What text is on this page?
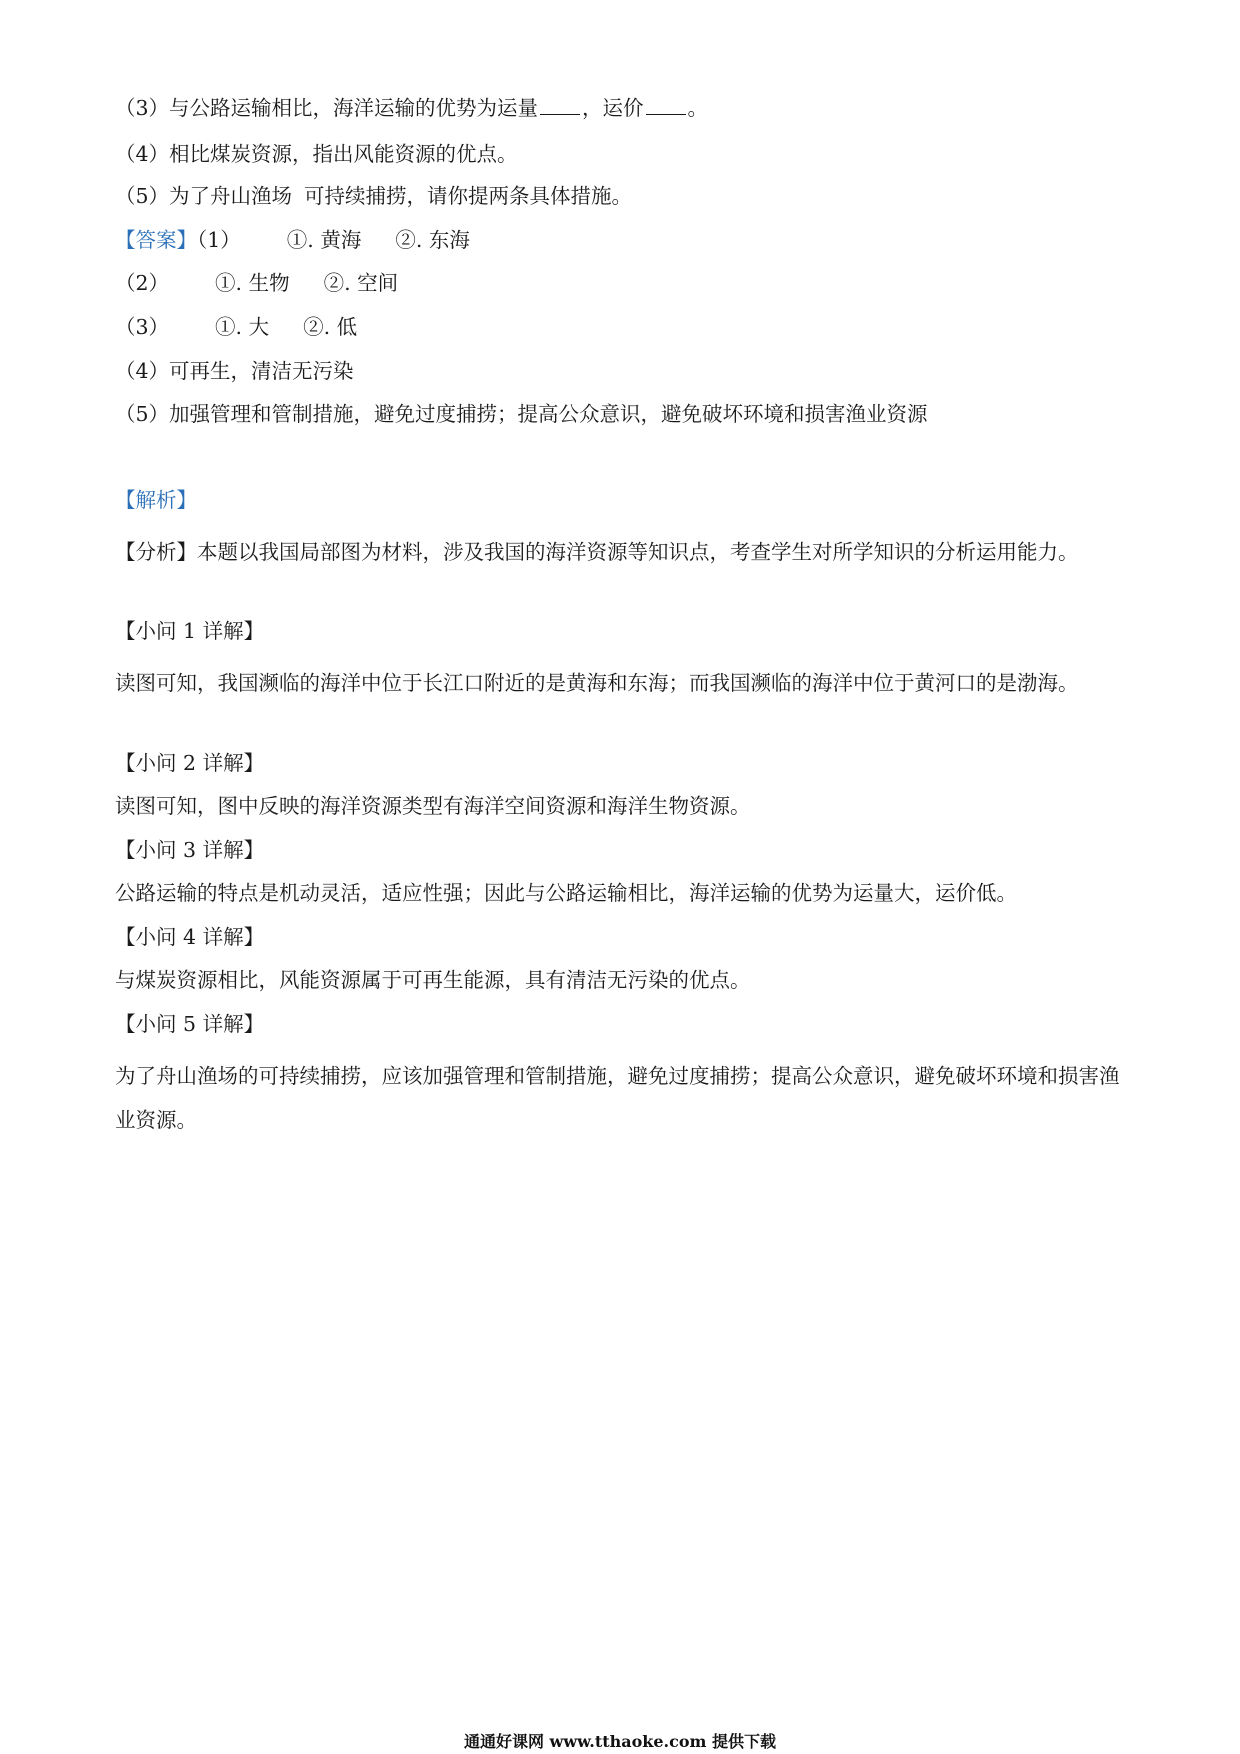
（3）与公路运输相比，海洋运输的优势为运量 ，运价 。
（4）相比煤炭资源，指出风能资源的优点。
（5）为了舟山渔场 可持续捕捞，请你提两条具体措施。
【答案】（1） ①. 黄海 ②. 东海
（2） ①. 生物 ②. 空间
（3） ①. 大 ②. 低
（4）可再生，清洁无污染
（5）加强管理和管制措施，避免过度捕捞；提高公众意识，避免破坏环境和损害渔业资源
【解析】
【分析】本题以我国局部图为材料，涉及我国的海洋资源等知识点，考查学生对所学知识的分析运用能力。
【小问 1 详解】
读图可知，我国濒临的海洋中位于长江口附近的是黄海和东海；而我国濒临的海洋中位于黄河口的是渤海。
【小问 2 详解】
读图可知，图中反映的海洋资源类型有海洋空间资源和海洋生物资源。
【小问 3 详解】
公路运输的特点是机动灵活，适应性强；因此与公路运输相比，海洋运输的优势为运量大，运价低。
【小问 4 详解】
与煤炭资源相比，风能资源属于可再生能源，具有清洁无污染的优点。
【小问 5 详解】
为了舟山渔场的可持续捕捞，应该加强管理和管制措施，避免过度捕捞；提高公众意识，避免破坏环境和损害渔业资源。
通通好课网 www.tthaoke.com 提供下载
